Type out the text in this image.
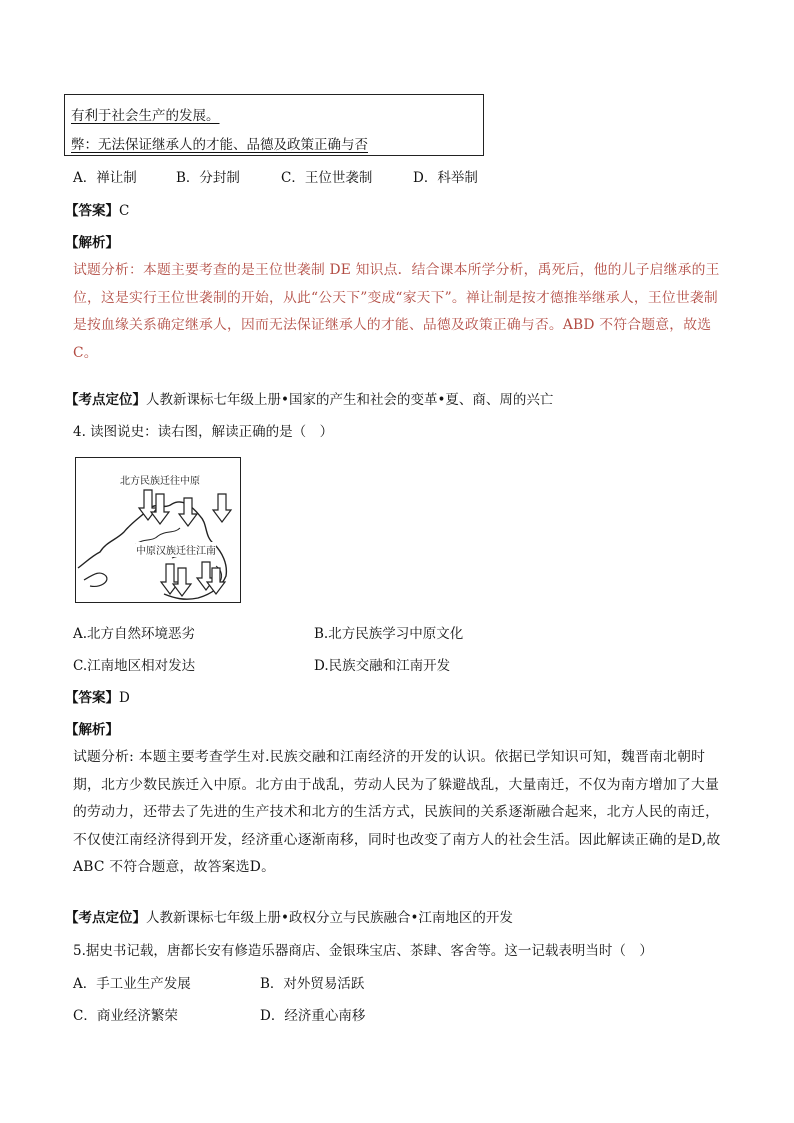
有利于社会生产的发展。
弊：无法保证继承人的才能、品德及政策正确与否
A．禅让制	B．分封制	C．王位世袭制	D．科举制
【答案】C
【解析】
试题分析：本题主要考查的是王位世袭制 DE 知识点．结合课本所学分析，禹死后，他的儿子启继承的王位，这是实行王位世袭制的开始，从此“公天下”变成“家天下”。禅让制是按才德推举继承人，王位世袭制是按血缘关系确定继承人，因而无法保证继承人的才能、品德及政策正确与否。ABD 不符合题意，故选C。
【考点定位】人教新课标七年级上册•国家的产生和社会的变革•夏、商、周的兴亡
4. 读图说史：读右图，解读正确的是（　）
北方民族迁往中原
中原汉族迁往江南
A.北方自然环境恶劣	B.北方民族学习中原文化
C.江南地区相对发达	D.民族交融和江南开发
【答案】D
【解析】
试题分析: 本题主要考查学生对.民族交融和江南经济的开发的认识。依据已学知识可知，魏晋南北朝时期，北方少数民族迁入中原。北方由于战乱，劳动人民为了躲避战乱，大量南迁，不仅为南方增加了大量的劳动力，还带去了先进的生产技术和北方的生活方式，民族间的关系逐渐融合起来，北方人民的南迁，不仅使江南经济得到开发，经济重心逐渐南移，同时也改变了南方人的社会生活。因此解读正确的是D,故 ABC 不符合题意，故答案选D。
【考点定位】人教新课标七年级上册•政权分立与民族融合•江南地区的开发
5.据史书记载，唐都长安有修造乐器商店、金银珠宝店、茶肆、客舍等。这一记载表明当时（　）
A．手工业生产发展	B．对外贸易活跃
C．商业经济繁荣	D．经济重心南移
